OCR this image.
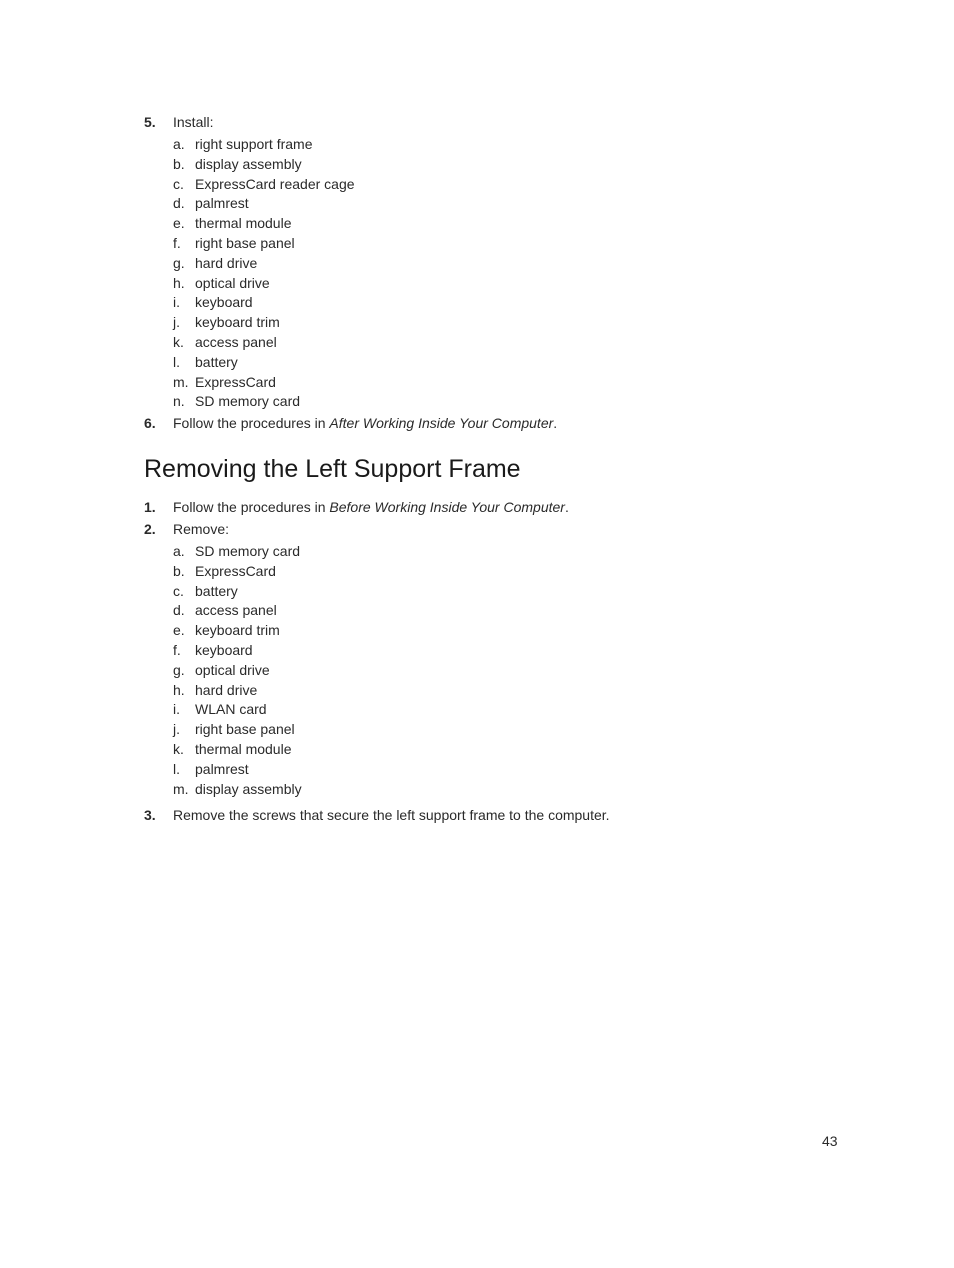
5. Install:
a. right support frame
b. display assembly
c. ExpressCard reader cage
d. palmrest
e. thermal module
f. right base panel
g. hard drive
h. optical drive
i. keyboard
j. keyboard trim
k. access panel
l. battery
m. ExpressCard
n. SD memory card
6. Follow the procedures in After Working Inside Your Computer.
Removing the Left Support Frame
1. Follow the procedures in Before Working Inside Your Computer.
2. Remove:
a. SD memory card
b. ExpressCard
c. battery
d. access panel
e. keyboard trim
f. keyboard
g. optical drive
h. hard drive
i. WLAN card
j. right base panel
k. thermal module
l. palmrest
m. display assembly
3. Remove the screws that secure the left support frame to the computer.
43
